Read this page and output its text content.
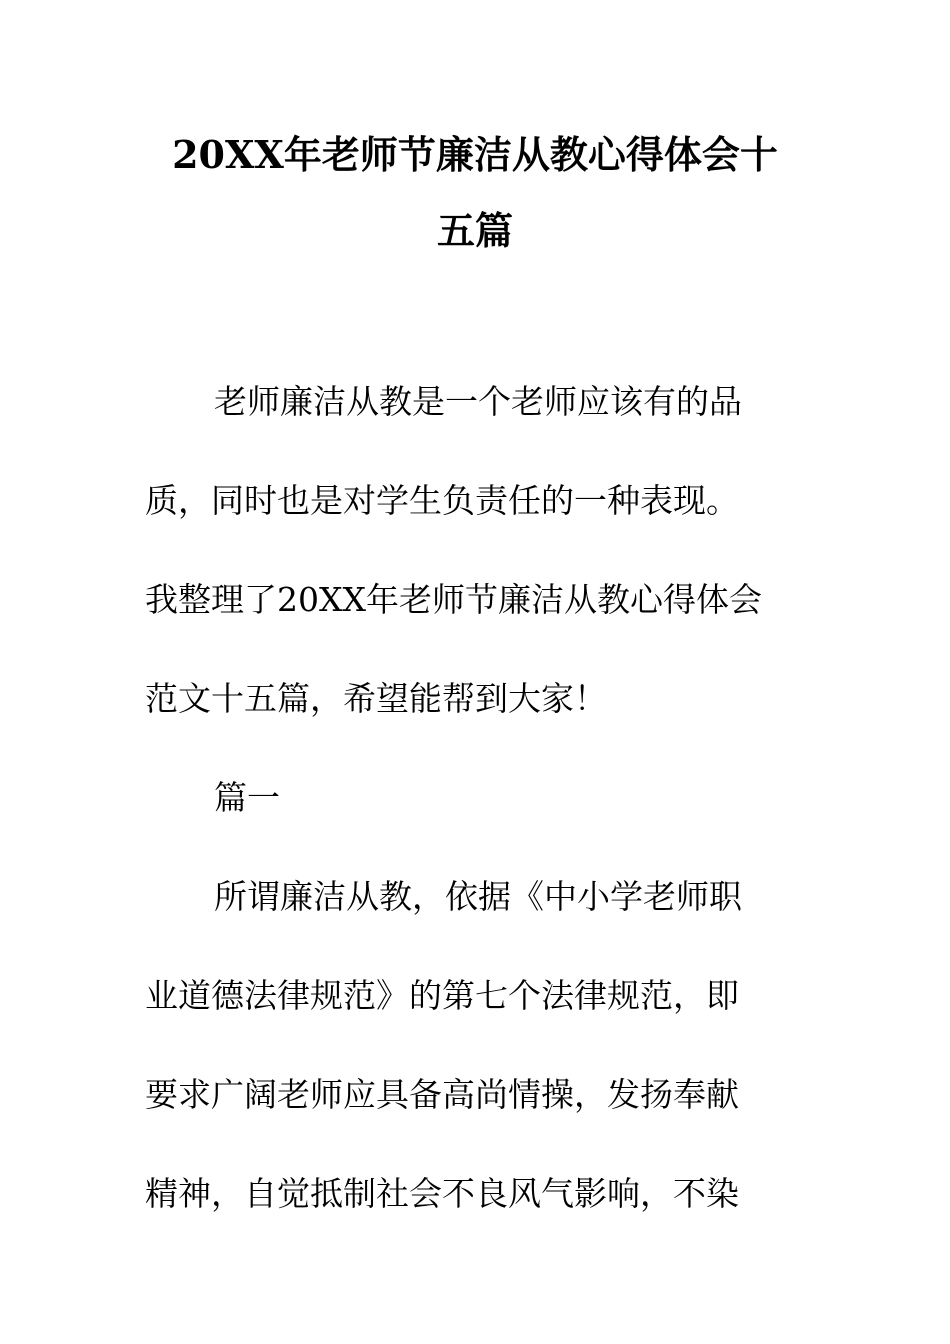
20XX年老师节廉洁从教心得体会十
五篇

老师廉洁从教是一个老师应该有的品

质，同时也是对学生负责任的一种表现。

我整理了20XX年老师节廉洁从教心得体会

范文十五篇，希望能帮到大家！

篇一

所谓廉洁从教，依据《中小学老师职

业道德法律规范》的第七个法律规范，即

要求广阔老师应具备高尚情操，发扬奉献

精神，自觉抵制社会不良风气影响，不染
